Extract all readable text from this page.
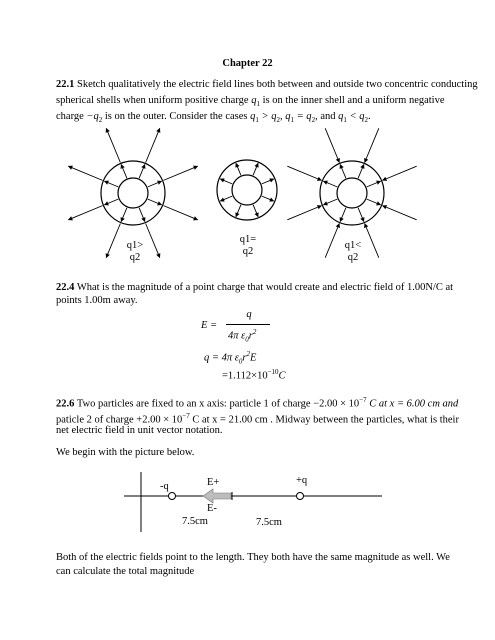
Chapter 22
22.1 Sketch qualitatively the electric field lines both between and outside two concentric conducting
spherical shells when uniform positive charge $q_1$ is on the inner shell and a uniform negative
charge $-q_2$ is on the outer. Consider the cases $q_1 > q_2$, $q_1 = q_2$, and $q_1 < q_2$.
q1>
q2
q1=
q2
q1<
q2
22.4 What is the magnitude of a point charge that would create and electric field of 1.00N/C at
points 1.00m away.
E =
q
4π $\varepsilon_0r^2$
q = 4π $\varepsilon_0r^2E$
$=1.112\times 10^{-10}C$
22.6 Two particles are fixed to an x axis: particle 1 of charge $-2.00 \times 10^{-7}$ C at x = 6.00 cm and
paticle 2 of charge $+2.00 \times 10^{-7}$ C at x = 21.00 cm . Midway between the particles, what is their
net electric field in unit vector notation.
We begin with the picture below.
-q
+q
E+
E-
7.5cm	7.5cm
Both of the electric fields point to the length. They both have the same magnitude as well. We
can calculate the total magnitude
